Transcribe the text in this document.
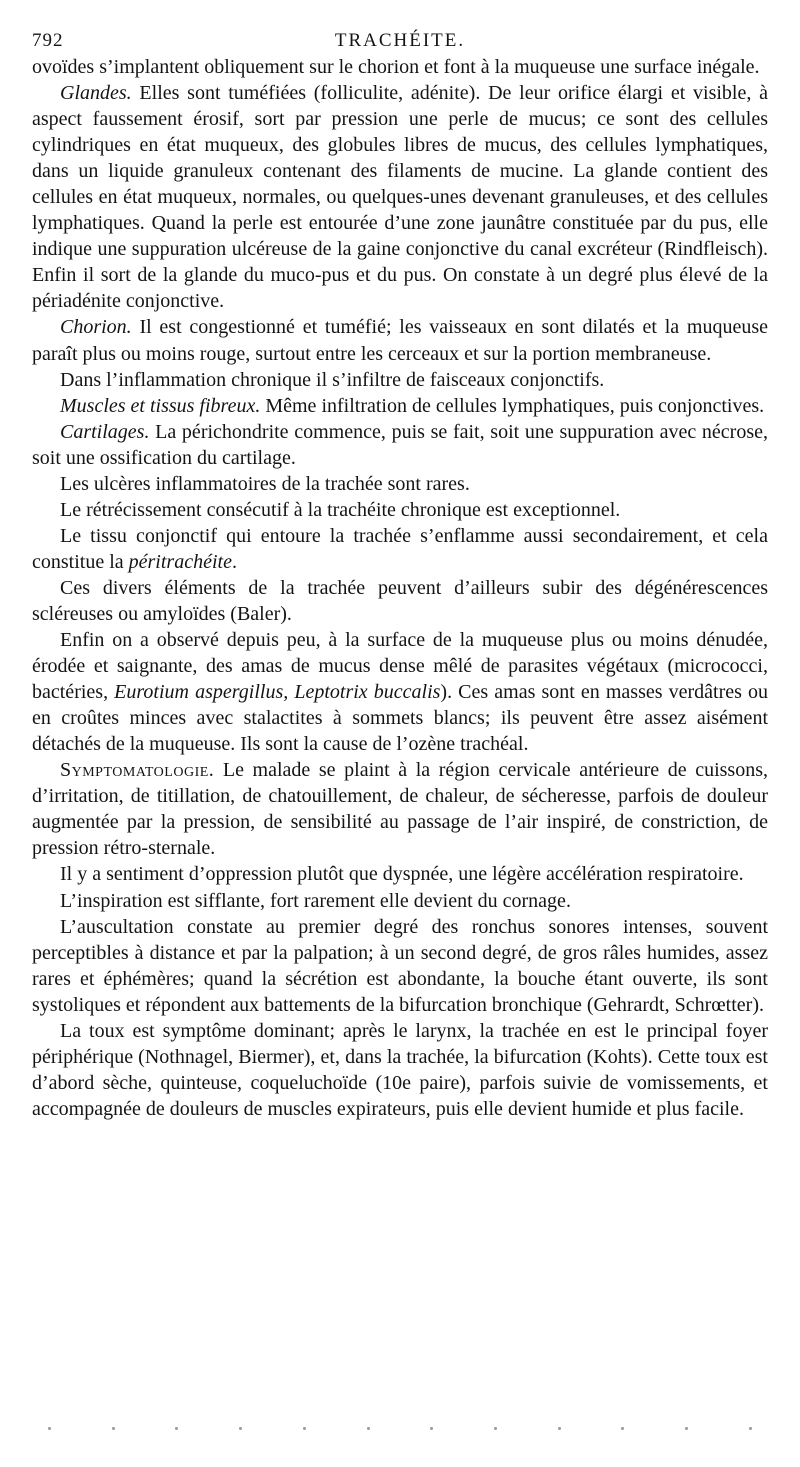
792	TRACHÉITE.

ovoïdes s’implantent obliquement sur le chorion et font à la muqueuse une surface inégale.

Glandes. Elles sont tuméfiées (folliculite, adénite). De leur orifice élargi et visible, à aspect faussement érosif, sort par pression une perle de mucus; ce sont des cellules cylindriques en état muqueux, des globules libres de mucus, des cellules lymphatiques, dans un liquide granuleux contenant des filaments de mucine. La glande contient des cellules en état muqueux, normales, ou quelques-unes devenant granuleuses, et des cellules lymphatiques. Quand la perle est entourée d’une zone jaunâtre constituée par du pus, elle indique une suppuration ulcéreuse de la gaine conjonctive du canal excréteur (Rindfleisch). Enfin il sort de la glande du muco-pus et du pus. On constate à un degré plus élevé de la périadénite conjonctive.

Chorion. Il est congestionné et tuméfié; les vaisseaux en sont dilatés et la muqueuse paraît plus ou moins rouge, surtout entre les cerceaux et sur la portion membraneuse.

Dans l’inflammation chronique il s’infiltre de faisceaux conjonctifs.

Muscles et tissus fibreux. Même infiltration de cellules lymphatiques, puis conjonctives.

Cartilages. La périchondrite commence, puis se fait, soit une suppuration avec nécrose, soit une ossification du cartilage.

Les ulcères inflammatoires de la trachée sont rares.

Le rétrécissement consécutif à la trachéite chronique est exceptionnel.

Le tissu conjonctif qui entoure la trachée s’enflamme aussi secondairement, et cela constitue la péritrachéite.

Ces divers éléments de la trachée peuvent d’ailleurs subir des dégénérescences scléreuses ou amyloïdes (Baler).

Enfin on a observé depuis peu, à la surface de la muqueuse plus ou moins dénudée, érodée et saignante, des amas de mucus dense mêlé de parasites végétaux (micrococci, bactéries, Eurotium aspergillus, Leptotrix buccalis). Ces amas sont en masses verdâtres ou en croûtes minces avec stalactites à sommets blancs; ils peuvent être assez aisément détachés de la muqueuse. Ils sont la cause de l’ozène trachéal.

Symptomatologie. Le malade se plaint à la région cervicale antérieure de cuissons, d’irritation, de titillation, de chatouillement, de chaleur, de sécheresse, parfois de douleur augmentée par la pression, de sensibilité au passage de l’air inspiré, de constriction, de pression rétro-sternale.

Il y a sentiment d’oppression plutôt que dyspnée, une légère accélération respiratoire.

L’inspiration est sifflante, fort rarement elle devient du cornage.

L’auscultation constate au premier degré des ronchus sonores intenses, souvent perceptibles à distance et par la palpation; à un second degré, de gros râles humides, assez rares et éphémères; quand la sécrétion est abondante, la bouche étant ouverte, ils sont systoliques et répondent aux battements de la bifurcation bronchique (Gehrardt, Schrœtter).

La toux est symptôme dominant; après le larynx, la trachée en est le principal foyer périphérique (Nothnagel, Biermer), et, dans la trachée, la bifurcation (Kohts). Cette toux est d’abord sèche, quinteuse, coqueluchoïde (10e paire), parfois suivie de vomissements, et accompagnée de douleurs de muscles expirateurs, puis elle devient humide et plus facile.
